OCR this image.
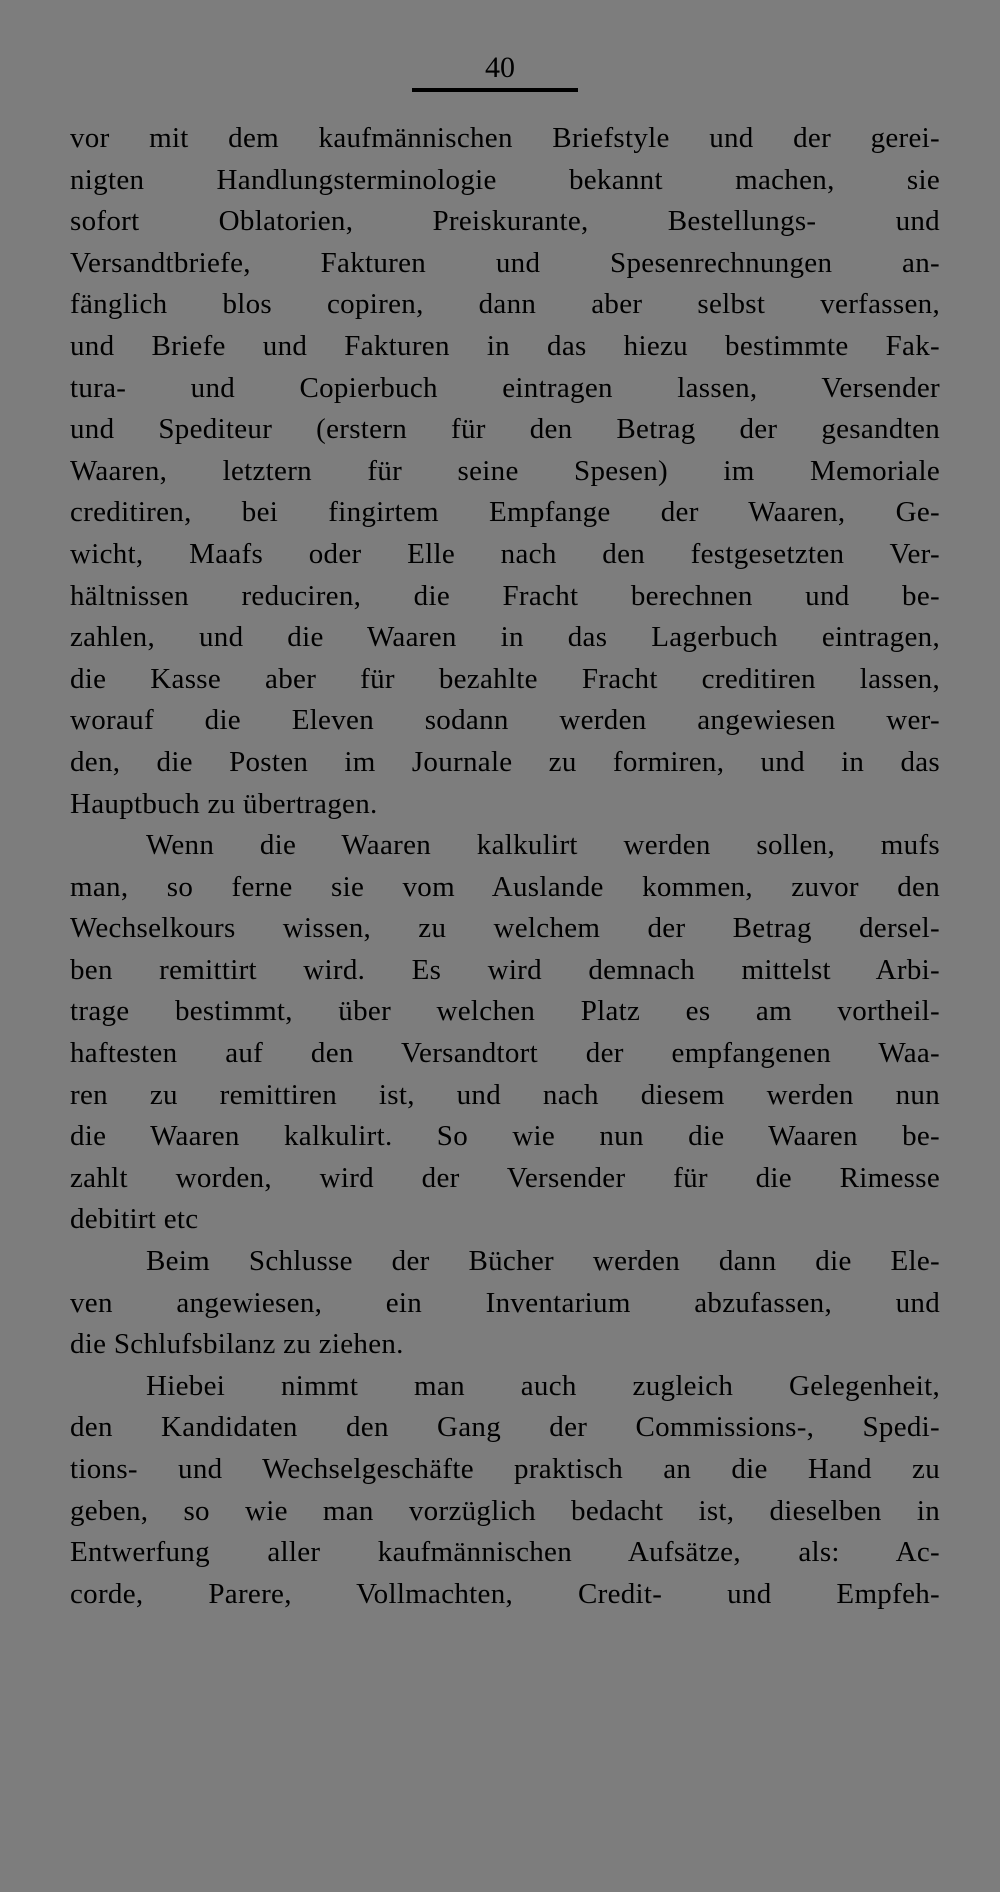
40
vor mit dem kaufmännischen Briefstyle und der gerei-
nigten Handlungsterminologie bekannt machen, sie
sofort Oblatorien, Preiskurante, Bestellungs- und
Versandtbriefe, Fakturen und Spesenrechnungen an-
fänglich blos copiren, dann aber selbst verfassen,
und Briefe und Fakturen in das hiezu bestimmte Fak-
tura- und Copierbuch eintragen lassen, Versender
und Spediteur (erstern für den Betrag der gesandten
Waaren, letztern für seine Spesen) im Memoriale
creditiren, bei fingirtem Empfange der Waaren, Ge-
wicht, Maafs oder Elle nach den festgesetzten Ver-
hältnissen reduciren, die Fracht berechnen und be-
zahlen, und die Waaren in das Lagerbuch eintragen,
die Kasse aber für bezahlte Fracht creditiren lassen,
worauf die Eleven sodann werden angewiesen wer-
den, die Posten im Journale zu formiren, und in das
Hauptbuch zu übertragen.
Wenn die Waaren kalkulirt werden sollen, mufs
man, so ferne sie vom Auslande kommen, zuvor den
Wechselkours wissen, zu welchem der Betrag dersel-
ben remittirt wird. Es wird demnach mittelst Arbi-
trage bestimmt, über welchen Platz es am vortheil-
haftesten auf den Versandtort der empfangenen Waa-
ren zu remittiren ist, und nach diesem werden nun
die Waaren kalkulirt. So wie nun die Waaren be-
zahlt worden, wird der Versender für die Rimesse
debitirt etc
Beim Schlusse der Bücher werden dann die Ele-
ven angewiesen, ein Inventarium abzufassen, und
die Schlufsbilanz zu ziehen.
Hiebei nimmt man auch zugleich Gelegenheit,
den Kandidaten den Gang der Commissions-, Spedi-
tions- und Wechselgeschäfte praktisch an die Hand zu
geben, so wie man vorzüglich bedacht ist, dieselben in
Entwerfung aller kaufmännischen Aufsätze, als: Ac-
corde, Parere, Vollmachten, Credit- und Empfeh-
